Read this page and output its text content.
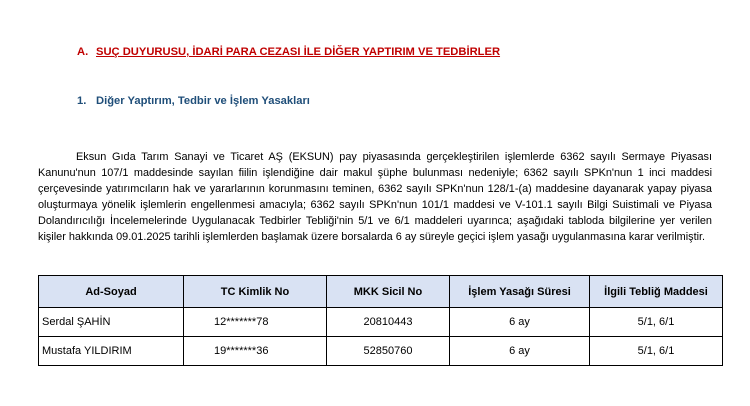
A. SUÇ DUYURUSU, İDARİ PARA CEZASI İLE DİĞER YAPTIRIM VE TEDBİRLER
1. Diğer Yaptırım, Tedbir ve İşlem Yasakları

Eksun Gıda Tarım Sanayi ve Ticaret AŞ (EKSUN) pay piyasasında gerçekleştirilen işlemlerde 6362 sayılı Sermaye Piyasası Kanunu'nun 107/1 maddesinde sayılan fiilin işlendiğine dair makul şüphe bulunması nedeniyle; 6362 sayılı SPKn'nun 1 inci maddesi çerçevesinde yatırımcıların hak ve yararlarının korunmasını teminen, 6362 sayılı SPKn'nun 128/1-(a) maddesine dayanarak yapay piyasa oluşturmaya yönelik işlemlerin engellenmesi amacıyla; 6362 sayılı SPKn'nun 101/1 maddesi ve V-101.1 sayılı Bilgi Suistimali ve Piyasa Dolandırıcılığı İncelemelerinde Uygulanacak Tedbirler Tebliği'nin 5/1 ve 6/1 maddeleri uyarınca; aşağıdaki tabloda bilgilerine yer verilen kişiler hakkında 09.01.2025 tarihli işlemlerden başlamak üzere borsalarda 6 ay süreyle geçici işlem yasağı uygulanmasına karar verilmiştir.

Ad-Soyad	TC Kimlik No	MKK Sicil No	İşlem Yasağı Süresi	İlgili Tebliğ Maddesi
Serdal ŞAHİN	12*******78	20810443	6 ay	5/1, 6/1
Mustafa YILDIRIM	19*******36	52850760	6 ay	5/1, 6/1
